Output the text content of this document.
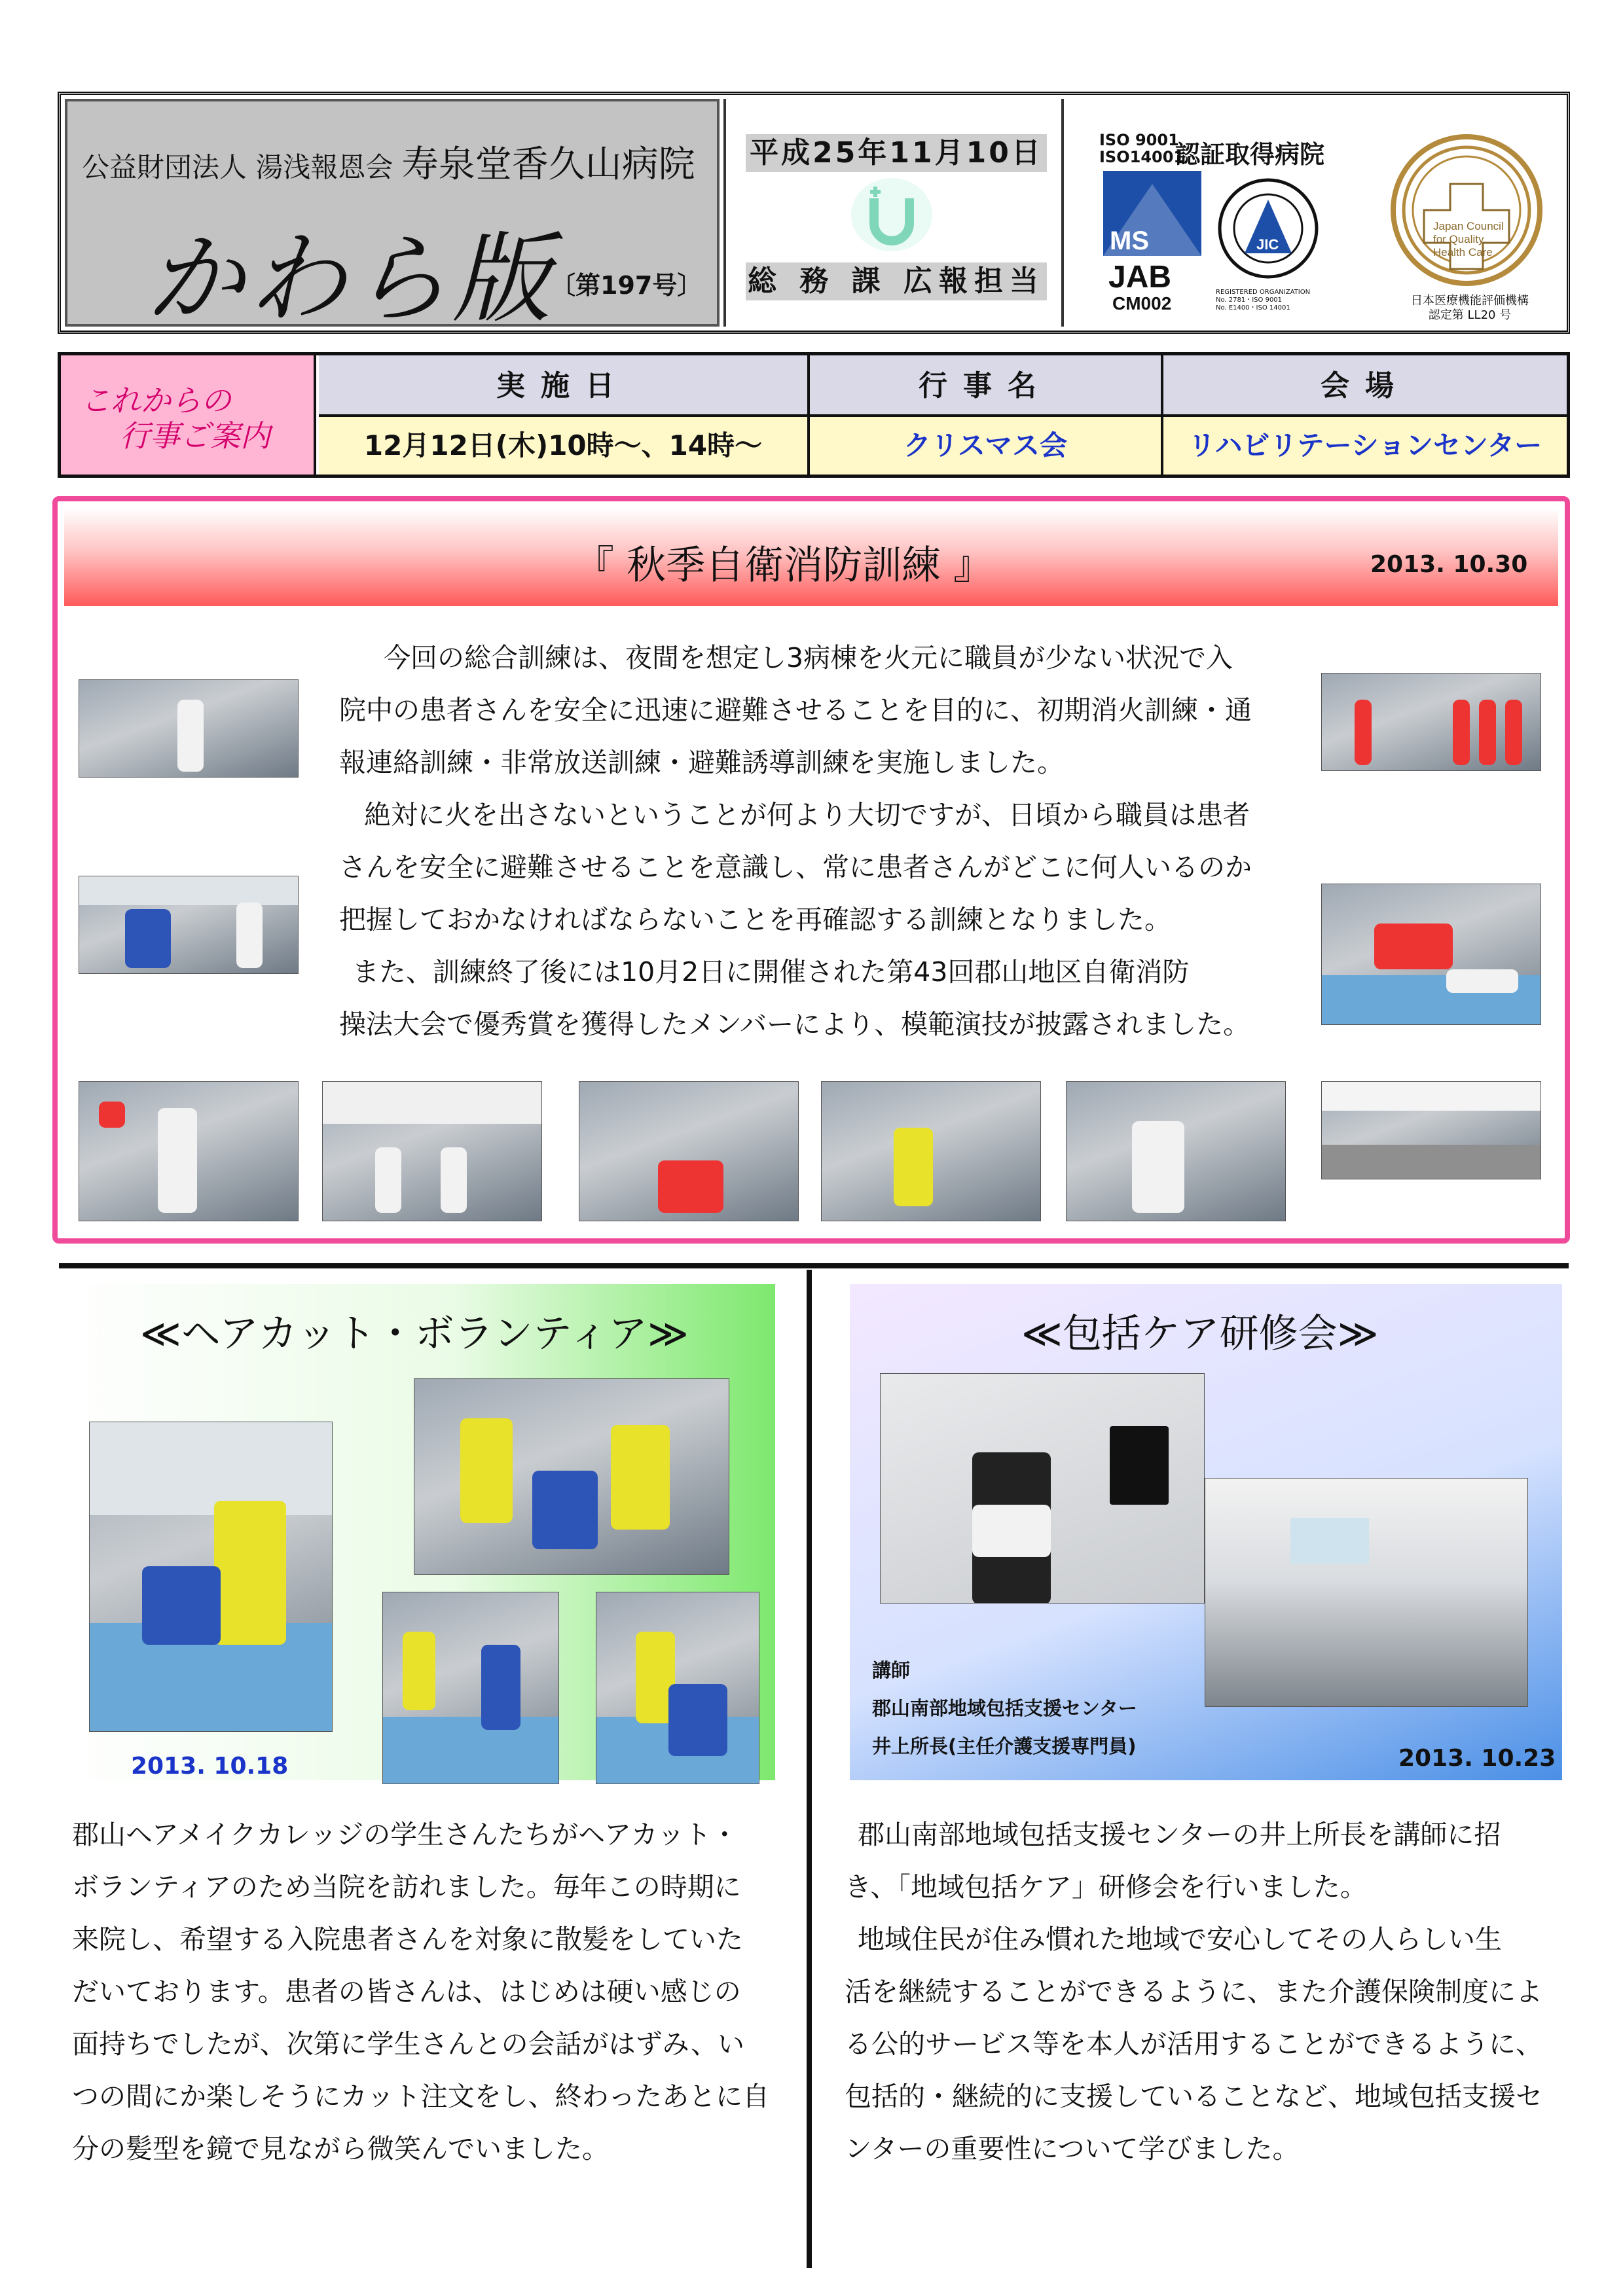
公益財団法人 湯浅報恩会 寿泉堂香久山病院
かわら版
〔第197号〕
平成25年11月10日
総 務 課 広報担当
ISO 9001
ISO14001
認証取得病院
MS
JAB
CM002
JIC
REGISTERED ORGANIZATION
No. 2781・ISO 9001
No. E1400・ISO 14001
Japan Council
for Quality
Health Care
日本医療機能評価機構
認定第 LL20 号
これからの
行事ご案内
実施日	行事名	会場
12月12日(木)10時〜、14時〜	クリスマス会	リハビリテーションセンター
『 秋季自衛消防訓練 』	2013. 10.30
今回の総合訓練は、夜間を想定し3病棟を火元に職員が少ない状況で入
院中の患者さんを安全に迅速に避難させることを目的に、初期消火訓練・通
報連絡訓練・非常放送訓練・避難誘導訓練を実施しました。
絶対に火を出さないということが何より大切ですが、日頃から職員は患者
さんを安全に避難させることを意識し、常に患者さんがどこに何人いるのか
把握しておかなければならないことを再確認する訓練となりました。
また、訓練終了後には10月2日に開催された第43回郡山地区自衛消防
操法大会で優秀賞を獲得したメンバーにより、模範演技が披露されました。
≪ヘアカット・ボランティア≫
2013. 10.18
郡山ヘアメイクカレッジの学生さんたちがヘアカット・
ボランティアのため当院を訪れました。毎年この時期に
来院し、希望する入院患者さんを対象に散髪をしていた
だいております。患者の皆さんは、はじめは硬い感じの
面持ちでしたが、次第に学生さんとの会話がはずみ、い
つの間にか楽しそうにカット注文をし、終わったあとに自
分の髪型を鏡で見ながら微笑んでいました。
≪包括ケア研修会≫
講師
郡山南部地域包括支援センター
井上所長(主任介護支援専門員)	2013. 10.23
郡山南部地域包括支援センターの井上所長を講師に招
き、「地域包括ケア」研修会を行いました。
地域住民が住み慣れた地域で安心してその人らしい生
活を継続することができるように、また介護保険制度によ
る公的サービス等を本人が活用することができるように、
包括的・継続的に支援していることなど、地域包括支援セ
ンターの重要性について学びました。
